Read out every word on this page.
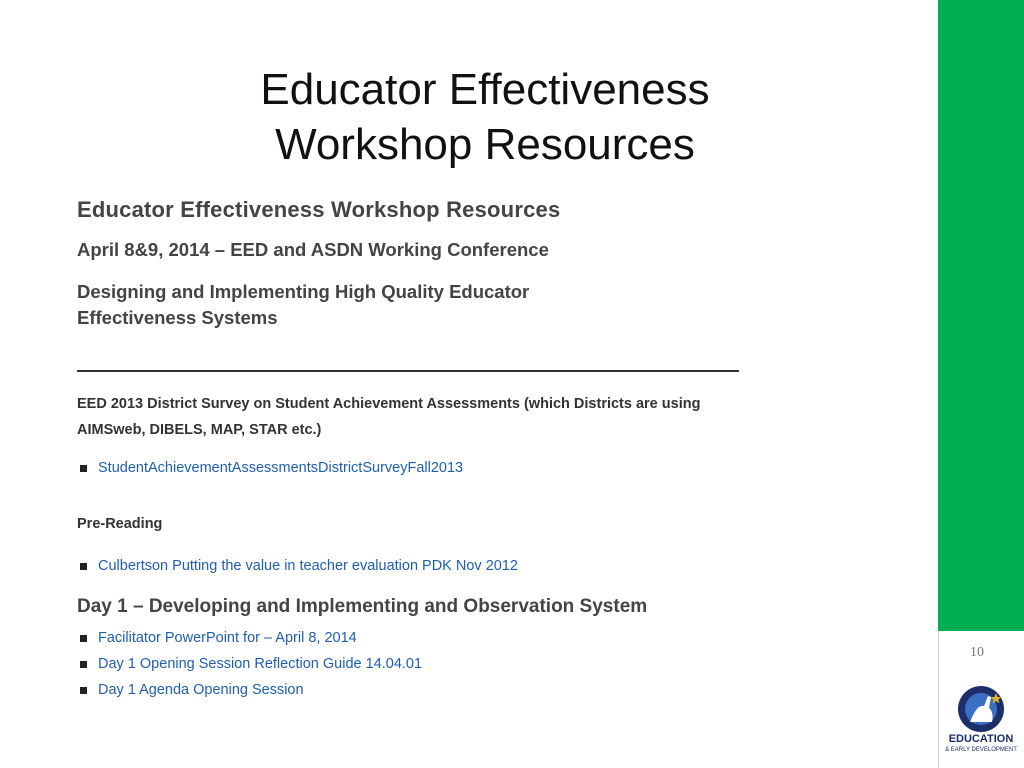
Educator Effectiveness
Workshop Resources
Educator Effectiveness Workshop Resources
April 8&9, 2014 – EED and ASDN Working Conference
Designing and Implementing High Quality Educator
Effectiveness Systems
EED 2013 District Survey on Student Achievement Assessments (which Districts are using
AIMSweb, DIBELS, MAP, STAR etc.)
StudentAchievementAssessmentsDistrictSurveyFall2013
Pre-Reading
Culbertson Putting the value in teacher evaluation PDK Nov 2012
Day 1 – Developing and Implementing and Observation System
Facilitator PowerPoint for – April 8, 2014
Day 1 Opening Session Reflection Guide 14.04.01
Day 1 Agenda Opening Session
10
EDUCATION
& EARLY DEVELOPMENT
